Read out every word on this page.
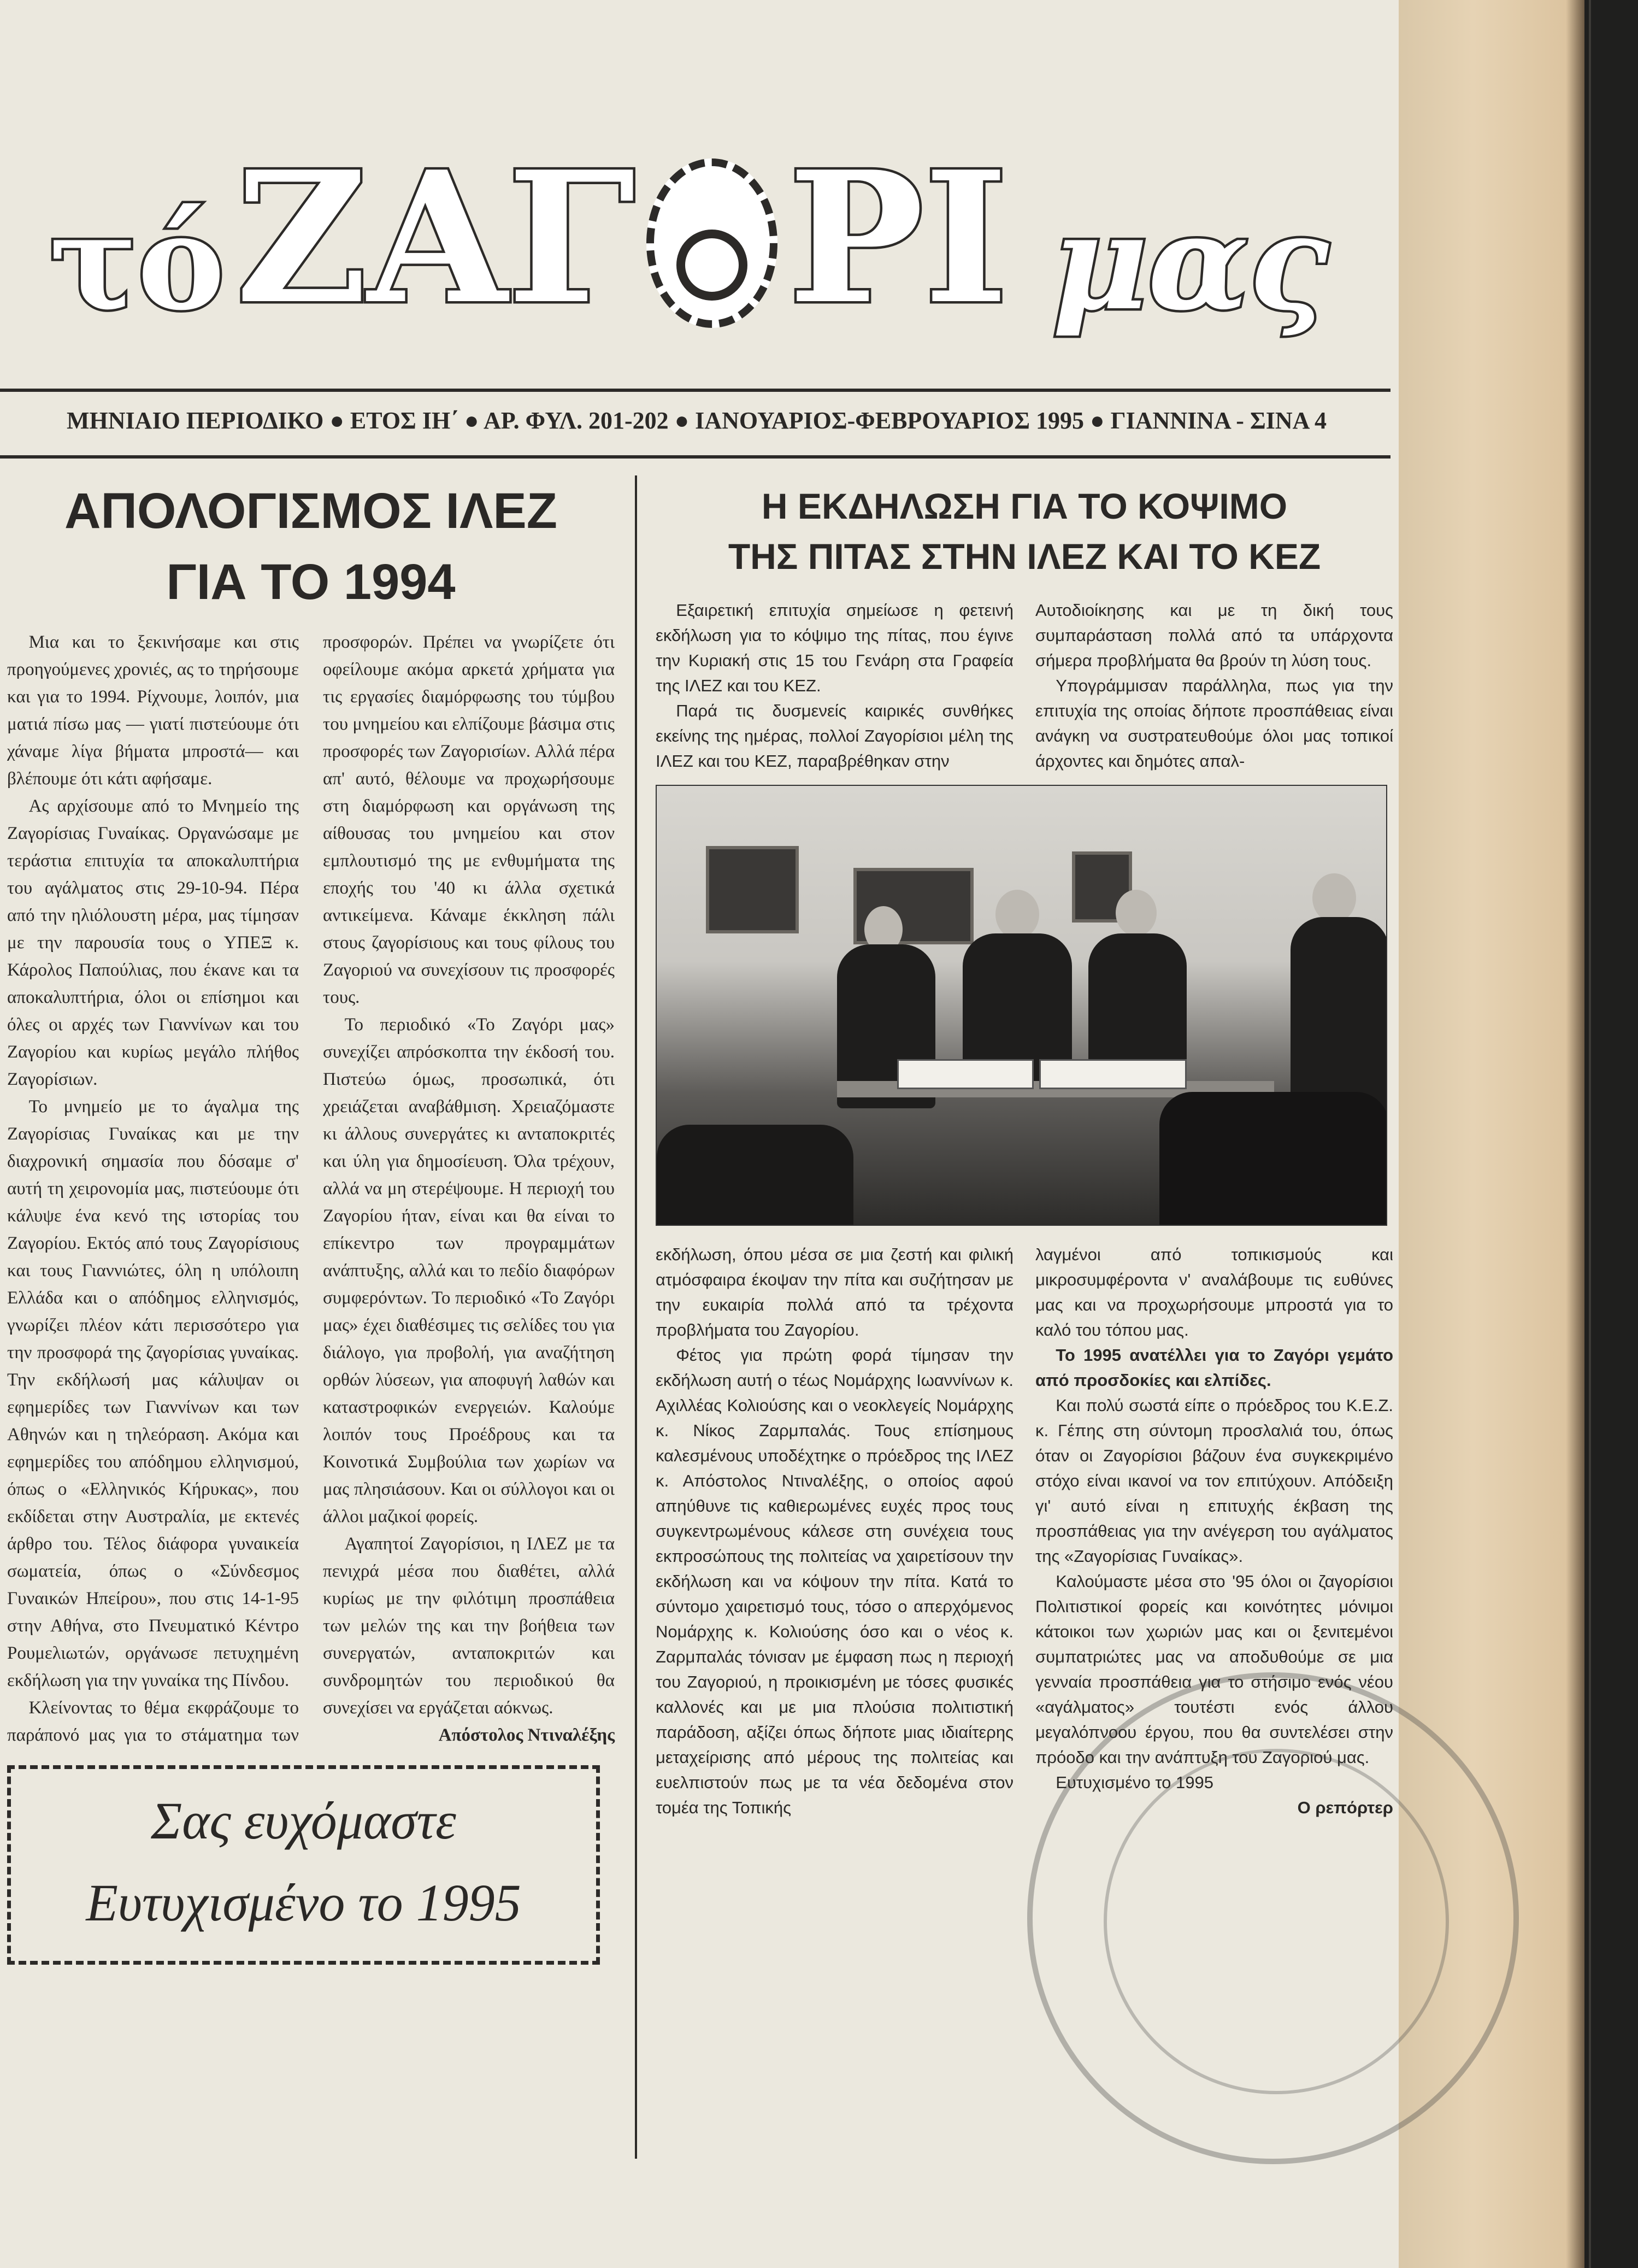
τό ΖΑΓ ΡΙ μας
ΜΗΝΙΑΙΟ ΠΕΡΙΟΔΙΚΟ ● ΕΤΟΣ ΙΗ΄ ● ΑΡ. ΦΥΛ. 201-202 ● ΙΑΝΟΥΑΡΙΟΣ-ΦΕΒΡΟΥΑΡΙΟΣ 1995 ● ΓΙΑΝΝΙΝΑ - ΣΙΝΑ 4
ΑΠΟΛΟΓΙΣΜΟΣ ΙΛΕΖ
ΓΙΑ ΤΟ 1994

Μια και το ξεκινήσαμε και στις προηγούμενες χρονιές, ας το τηρήσουμε και για το 1994. Ρίχνουμε, λοιπόν, μια ματιά πίσω μας — γιατί πιστεύουμε ότι χάναμε λίγα βήματα μπροστά— και βλέπουμε ότι κάτι αφήσαμε.

Ας αρχίσουμε από το Μνημείο της Ζαγορίσιας Γυναίκας. Οργανώσαμε με τεράστια επιτυχία τα αποκαλυπτήρια του αγάλματος στις 29-10-94. Πέρα από την ηλιόλουστη μέρα, μας τίμησαν με την παρουσία τους ο ΥΠΕΞ κ. Κάρολος Παπούλιας, που έκανε και τα αποκαλυπτήρια, όλοι οι επίσημοι και όλες οι αρχές των Γιαννίνων και του Ζαγορίου και κυρίως μεγάλο πλήθος Ζαγορίσιων.

Το μνημείο με το άγαλμα της Ζαγορίσιας Γυναίκας και με την διαχρονική σημασία που δόσαμε σ' αυτή τη χειρονομία μας, πιστεύουμε ότι κάλυψε ένα κενό της ιστορίας του Ζαγορίου. Εκτός από τους Ζαγορίσιους και τους Γιαννιώτες, όλη η υπόλοιπη Ελλάδα και ο απόδημος ελληνισμός, γνωρίζει πλέον κάτι περισσότερο για την προσφορά της ζαγορίσιας γυναίκας. Την εκδήλωσή μας κάλυψαν οι εφημερίδες των Γιαννίνων και των Αθηνών και η τηλεόραση. Ακόμα και εφημερίδες του απόδημου ελληνισμού, όπως ο «Ελληνικός Κήρυκας», που εκδίδεται στην Αυστραλία, με εκτενές άρθρο του. Τέλος διάφορα γυναικεία σωματεία, όπως ο «Σύνδεσμος Γυναικών Ηπείρου», που στις 14-1-95 στην Αθήνα, στο Πνευματικό Κέντρο Ρουμελιωτών, οργάνωσε πετυχημένη εκδήλωση για την γυναίκα της Πίνδου.

Κλείνοντας το θέμα εκφράζουμε το παράπονό μας για το στάματημα των προσφορών. Πρέπει να γνωρίζετε ότι οφείλουμε ακόμα αρκετά χρήματα για τις εργασίες διαμόρφωσης του τύμβου του μνημείου και ελπίζουμε βάσιμα στις προσφορές των Ζαγορισίων. Αλλά πέρα απ' αυτό, θέλουμε να προχωρήσουμε στη διαμόρφωση και οργάνωση της αίθουσας του μνημείου και στον εμπλουτισμό της με ενθυμήματα της εποχής του '40 κι άλλα σχετικά αντικείμενα. Κάναμε έκκληση πάλι στους ζαγορίσιους και τους φίλους του Ζαγοριού να συνεχίσουν τις προσφορές τους.

Το περιοδικό «Το Ζαγόρι μας» συνεχίζει απρόσκοπτα την έκδοσή του. Πιστεύω όμως, προσωπικά, ότι χρειάζεται αναβάθμιση. Χρειαζόμαστε κι άλλους συνεργάτες κι ανταποκριτές και ύλη για δημοσίευση. Όλα τρέχουν, αλλά να μη στερέψουμε. Η περιοχή του Ζαγορίου ήταν, είναι και θα είναι το επίκεντρο των προγραμμάτων ανάπτυξης, αλλά και το πεδίο διαφόρων συμφερόντων. Το περιοδικό «Το Ζαγόρι μας» έχει διαθέσιμες τις σελίδες του για διάλογο, για προβολή, για αναζήτηση ορθών λύσεων, για αποφυγή λαθών και καταστροφικών ενεργειών. Καλούμε λοιπόν τους Προέδρους και τα Κοινοτικά Συμβούλια των χωρίων να μας πλησιάσουν. Και οι σύλλογοι και οι άλλοι μαζικοί φορείς.

Αγαπητοί Ζαγορίσιοι, η ΙΛΕΖ με τα πενιχρά μέσα που διαθέτει, αλλά κυρίως με την φιλότιμη προσπάθεια των μελών της και την βοήθεια των συνεργατών, ανταποκριτών και συνδρομητών του περιοδικού θα συνεχίσει να εργάζεται αόκνως.

Απόστολος Ντιναλέξης

Σας ευχόμαστε
Ευτυχισμένο το 1995
Η ΕΚΔΗΛΩΣΗ ΓΙΑ ΤΟ ΚΟΨΙΜΟ
ΤΗΣ ΠΙΤΑΣ ΣΤΗΝ ΙΛΕΖ ΚΑΙ ΤΟ ΚΕΖ

Εξαιρετική επιτυχία σημείωσε η φετεινή εκδήλωση για το κόψιμο της πίτας, που έγινε την Κυριακή στις 15 του Γενάρη στα Γραφεία της ΙΛΕΖ και του ΚΕΖ.

Παρά τις δυσμενείς καιρικές συνθήκες εκείνης της ημέρας, πολλοί Ζαγορίσιοι μέλη της ΙΛΕΖ και του ΚΕΖ, παραβρέθηκαν στην

Αυτοδιοίκησης και με τη δική τους συμπαράσταση πολλά από τα υπάρχοντα σήμερα προβλήματα θα βρούν τη λύση τους.

Υπογράμμισαν παράλληλα, πως για την επιτυχία της οποίας δήποτε προσπάθειας είναι ανάγκη να συστρατευθούμε όλοι μας τοπικοί άρχοντες και δημότες απαλ-

εκδήλωση, όπου μέσα σε μια ζεστή και φιλική ατμόσφαιρα έκοψαν την πίτα και συζήτησαν με την ευκαιρία πολλά από τα τρέχοντα προβλήματα του Ζαγορίου.

Φέτος για πρώτη φορά τίμησαν την εκδήλωση αυτή ο τέως Νομάρχης Ιωαννίνων κ. Αχιλλέας Κολιούσης και ο νεοκλεγείς Νομάρχης κ. Νίκος Ζαρμπαλάς. Τους επίσημους καλεσμένους υποδέχτηκε ο πρόεδρος της ΙΛΕΖ κ. Απόστολος Ντιναλέξης, ο οποίος αφού απηύθυνε τις καθιερωμένες ευχές προς τους συγκεντρωμένους κάλεσε στη συνέχεια τους εκπροσώπους της πολιτείας να χαιρετίσουν την εκδήλωση και να κόψουν την πίτα. Κατά το σύντομο χαιρετισμό τους, τόσο ο απερχόμενος Νομάρχης κ. Κολιούσης όσο και ο νέος κ. Ζαρμπαλάς τόνισαν με έμφαση πως η περιοχή του Ζαγοριού, η προικισμένη με τόσες φυσικές καλλονές και με μια πλούσια πολιτιστική παράδοση, αξίζει όπως δήποτε μιας ιδιαίτερης μεταχείρισης από μέρους της πολιτείας και ευελπιστούν πως με τα νέα δεδομένα στον τομέα της Τοπικής

λαγμένοι από τοπικισμούς και μικροσυμφέροντα ν' αναλάβουμε τις ευθύνες μας και να προχωρήσουμε μπροστά για το καλό του τόπου μας.

Το 1995 ανατέλλει για το Ζαγόρι γεμάτο από προσδοκίες και ελπίδες.

Και πολύ σωστά είπε ο πρόεδρος του Κ.Ε.Ζ. κ. Γέπης στη σύντομη προσλαλιά του, όπως όταν οι Ζαγορίσιοι βάζουν ένα συγκεκριμένο στόχο είναι ικανοί να τον επιτύχουν. Απόδειξη γι' αυτό είναι η επιτυχής έκβαση της προσπάθειας για την ανέγερση του αγάλματος της «Ζαγορίσιας Γυναίκας».

Καλούμαστε μέσα στο '95 όλοι οι ζαγορίσιοι Πολιτιστικοί φορείς και κοινότητες μόνιμοι κάτοικοι των χωριών μας και οι ξενιτεμένοι συμπατριώτες μας να αποδυθούμε σε μια γενναία προσπάθεια για το στήσιμο ενός νέου «αγάλματος» τουτέστι ενός άλλου μεγαλόπνοου έργου, που θα συντελέσει στην πρόοδο και την ανάπτυξη του Ζαγοριού μας.

Ευτυχισμένο το 1995

Ο ρεπόρτερ
